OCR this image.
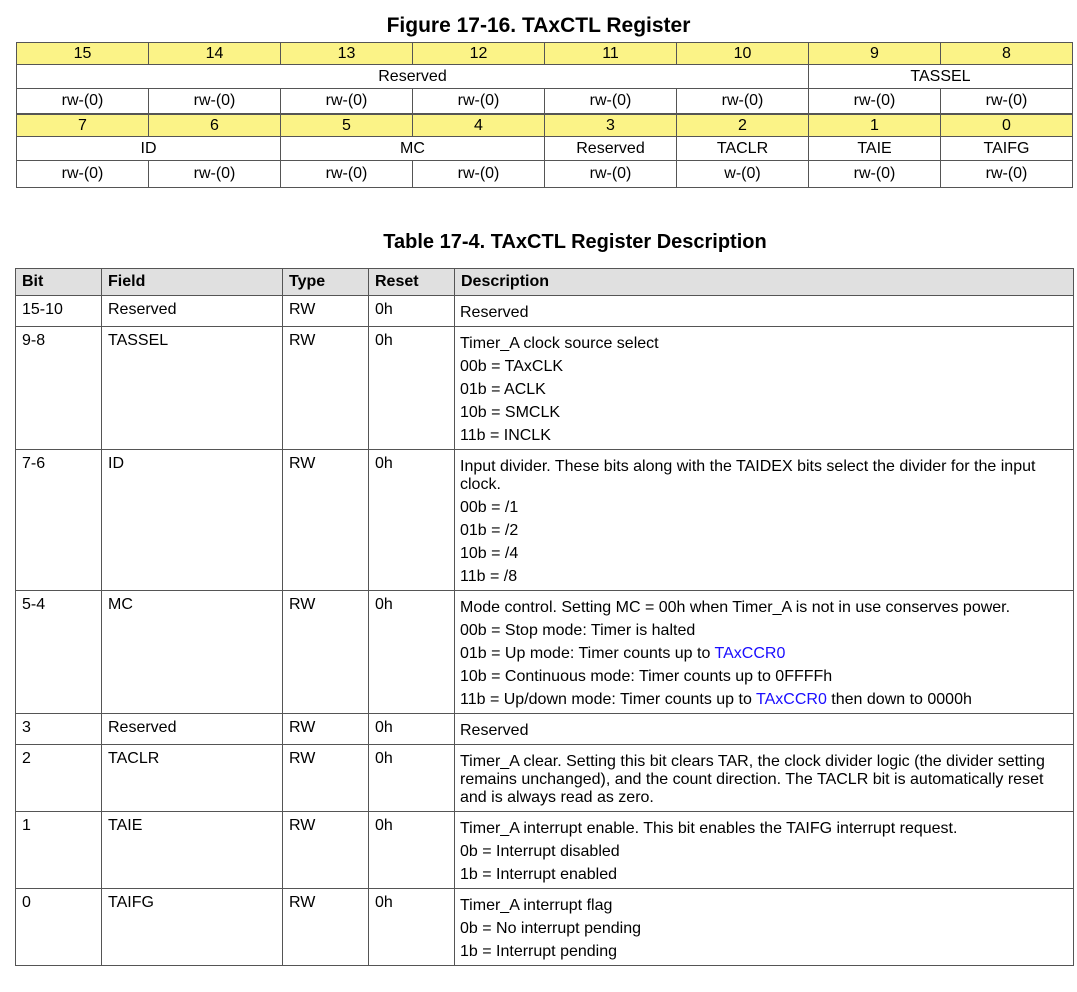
Figure 17-16. TAxCTL Register
15	14	13	12	11	10	9	8
Reserved						TASSEL	
rw-(0)	rw-(0)	rw-(0)	rw-(0)	rw-(0)	rw-(0)	rw-(0)	rw-(0)
7	6	5	4	3	2	1	0
ID		MC		Reserved	TACLR	TAIE	TAIFG
rw-(0)	rw-(0)	rw-(0)	rw-(0)	rw-(0)	w-(0)	rw-(0)	rw-(0)
Table 17-4. TAxCTL Register Description
Bit	Field	Type	Reset	Description
15-10	Reserved	RW	0h	Reserved

9-8	TASSEL	RW	0h	Timer_A clock source select
00b = TAxCLK
01b = ACLK
10b = SMCLK
11b = INCLK

7-6	ID	RW	0h	Input divider. These bits along with the TAIDEX bits select the divider for the input clock.
00b = /1
01b = /2
10b = /4
11b = /8

5-4	MC	RW	0h	Mode control. Setting MC = 00h when Timer_A is not in use conserves power.
00b = Stop mode: Timer is halted
01b = Up mode: Timer counts up to TAxCCR0
10b = Continuous mode: Timer counts up to 0FFFFh
11b = Up/down mode: Timer counts up to TAxCCR0 then down to 0000h

3	Reserved	RW	0h	Reserved

2	TACLR	RW	0h	Timer_A clear. Setting this bit clears TAR, the clock divider logic (the divider setting remains unchanged), and the count direction. The TACLR bit is automatically reset and is always read as zero.

1	TAIE	RW	0h	Timer_A interrupt enable. This bit enables the TAIFG interrupt request.
0b = Interrupt disabled
1b = Interrupt enabled

0	TAIFG	RW	0h	Timer_A interrupt flag
0b = No interrupt pending
1b = Interrupt pending
